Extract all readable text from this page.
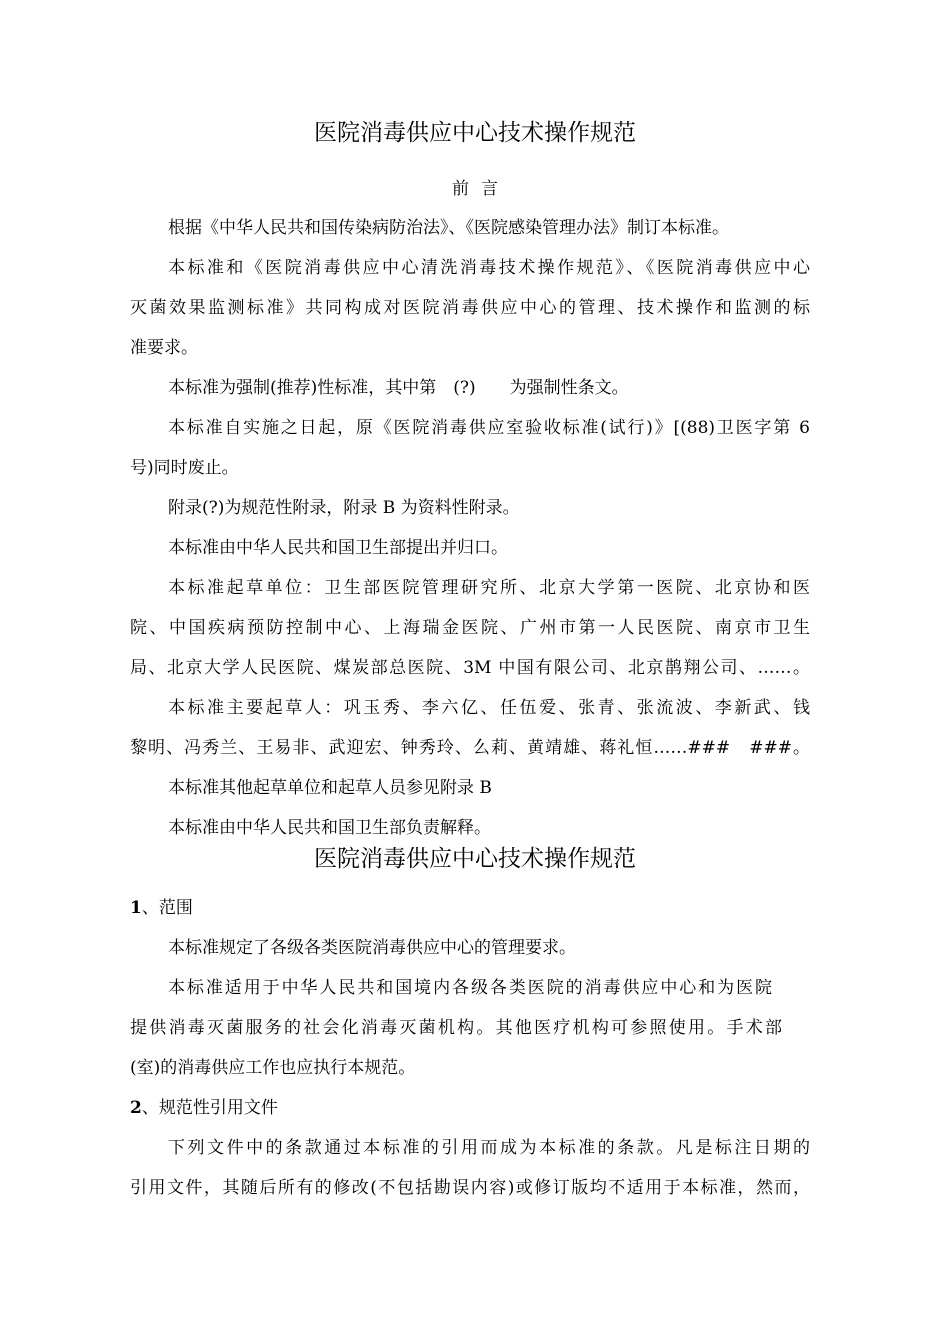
医院消毒供应中心技术操作规范
前言
根据《中华人民共和国传染病防治法》、《医院感染管理办法》制订本标准。
本标准和《医院消毒供应中心清洗消毒技术操作规范》、《医院消毒供应中心
灭菌效果监测标准》共同构成对医院消毒供应中心的管理、技术操作和监测的标
准要求。
本标准为强制(推荐)性标准，其中第　(?)　　为强制性条文。
本标准自实施之日起，原《医院消毒供应室验收标准(试行)》[(88)卫医字第 6
号)同时废止。
附录(?)为规范性附录，附录 B 为资料性附录。
本标准由中华人民共和国卫生部提出并归口。
本标准起草单位：卫生部医院管理研究所、北京大学第一医院、北京协和医
院、中国疾病预防控制中心、上海瑞金医院、广州市第一人民医院、南京市卫生
局、北京大学人民医院、煤炭部总医院、3M 中国有限公司、北京鹊翔公司、……。
本标准主要起草人：巩玉秀、李六亿、任伍爱、张青、张流波、李新武、钱
黎明、冯秀兰、王易非、武迎宏、钟秀玲、么莉、黄靖雄、蒋礼恒……###　###。
本标准其他起草单位和起草人员参见附录 B
本标准由中华人民共和国卫生部负责解释。
医院消毒供应中心技术操作规范
1、范围
本标准规定了各级各类医院消毒供应中心的管理要求。
本标准适用于中华人民共和国境内各级各类医院的消毒供应中心和为医院
提供消毒灭菌服务的社会化消毒灭菌机构。其他医疗机构可参照使用。手术部
(室)的消毒供应工作也应执行本规范。
2、规范性引用文件
下列文件中的条款通过本标准的引用而成为本标准的条款。凡是标注日期的
引用文件，其随后所有的修改(不包括勘误内容)或修订版均不适用于本标准，然而，
